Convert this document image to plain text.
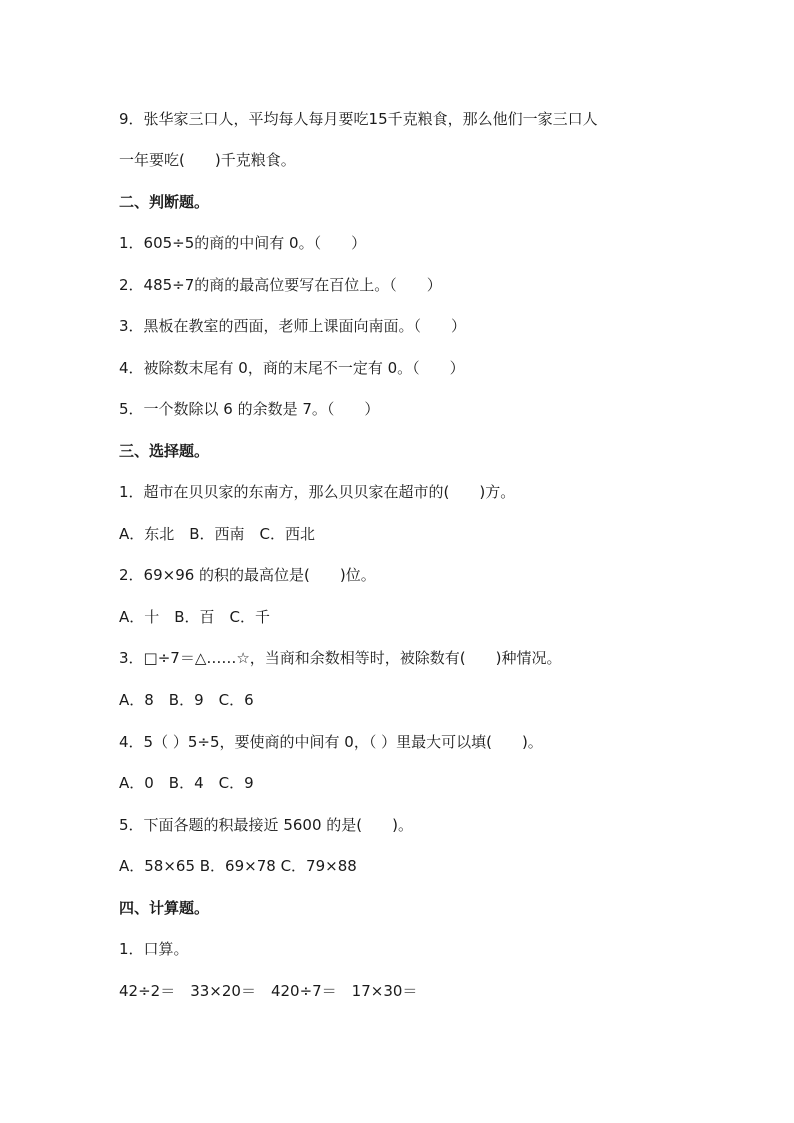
9．张华家三口人，平均每人每月要吃15千克粮食，那么他们一家三口人
一年要吃(　　)千克粮食。
二、判断题。
1．605÷5的商的中间有 0。（　　）
2．485÷7的商的最高位要写在百位上。（　　）
3．黑板在教室的西面，老师上课面向南面。（　　）
4．被除数末尾有 0，商的末尾不一定有 0。（　　）
5．一个数除以 6 的余数是 7。（　　）
三、选择题。
1．超市在贝贝家的东南方，那么贝贝家在超市的(　　)方。
A．东北　B．西南　C．西北
2．69×96 的积的最高位是(　　)位。
A．十　B．百　C．千
3．□÷7＝△……☆，当商和余数相等时，被除数有(　　)种情况。
A．8　B．9　C．6
4．5（ ）5÷5，要使商的中间有 0，（ ）里最大可以填(　　)。
A．0　B．4　C．9
5．下面各题的积最接近 5600 的是(　　)。
A．58×65 B．69×78 C．79×88
四、计算题。
1．口算。
42÷2＝　33×20＝　420÷7＝　17×30＝
